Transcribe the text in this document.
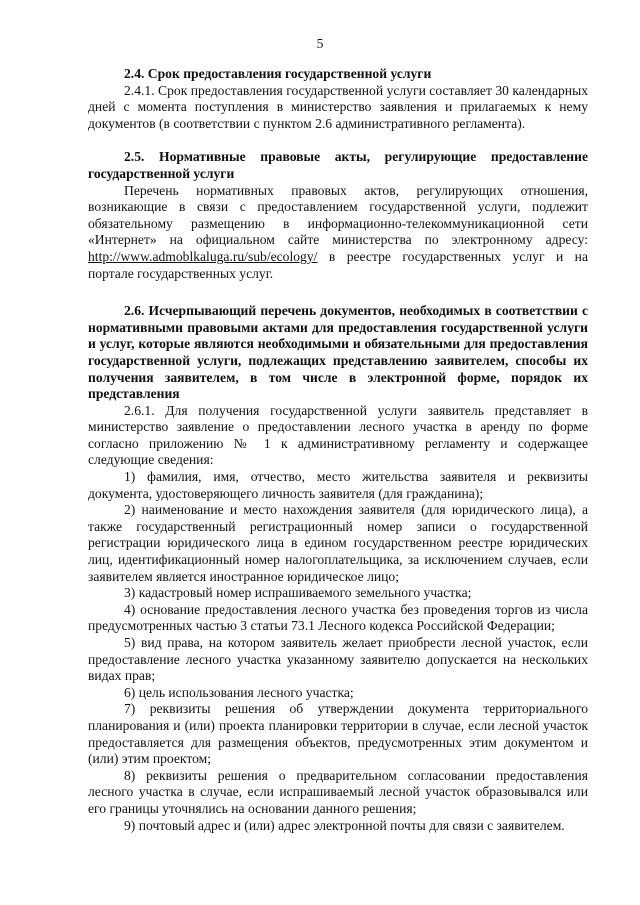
5

2.4. Срок предоставления государственной услуги

2.4.1. Срок предоставления государственной услуги составляет 30 календарных дней с момента поступления в министерство заявления и прилагаемых к нему документов (в соответствии с пунктом 2.6 административного регламента).

2.5. Нормативные правовые акты, регулирующие предоставление государственной услуги

Перечень нормативных правовых актов, регулирующих отношения, возникающие в связи с предоставлением государственной услуги, подлежит обязательному размещению в информационно-телекоммуникационной сети «Интернет» на официальном сайте министерства по электронному адресу: http://www.admoblkaluga.ru/sub/ecology/ в реестре государственных услуг и на портале государственных услуг.

2.6. Исчерпывающий перечень документов, необходимых в соответствии с нормативными правовыми актами для предоставления государственной услуги и услуг, которые являются необходимыми и обязательными для предоставления государственной услуги, подлежащих представлению заявителем, способы их получения заявителем, в том числе в электронной форме, порядок их представления

2.6.1. Для получения государственной услуги заявитель представляет в министерство заявление о предоставлении лесного участка в аренду по форме согласно приложению № 1 к административному регламенту и содержащее следующие сведения:

1) фамилия, имя, отчество, место жительства заявителя и реквизиты документа, удостоверяющего личность заявителя (для гражданина);

2) наименование и место нахождения заявителя (для юридического лица), а также государственный регистрационный номер записи о государственной регистрации юридического лица в едином государственном реестре юридических лиц, идентификационный номер налогоплательщика, за исключением случаев, если заявителем является иностранное юридическое лицо;

3) кадастровый номер испрашиваемого земельного участка;

4) основание предоставления лесного участка без проведения торгов из числа предусмотренных частью 3 статьи 73.1 Лесного кодекса Российской Федерации;

5) вид права, на котором заявитель желает приобрести лесной участок, если предоставление лесного участка указанному заявителю допускается на нескольких видах прав;

6) цель использования лесного участка;

7) реквизиты решения об утверждении документа территориального планирования и (или) проекта планировки территории в случае, если лесной участок предоставляется для размещения объектов, предусмотренных этим документом и (или) этим проектом;

8) реквизиты решения о предварительном согласовании предоставления лесного участка в случае, если испрашиваемый лесной участок образовывался или его границы уточнялись на основании данного решения;

9) почтовый адрес и (или) адрес электронной почты для связи с заявителем.
